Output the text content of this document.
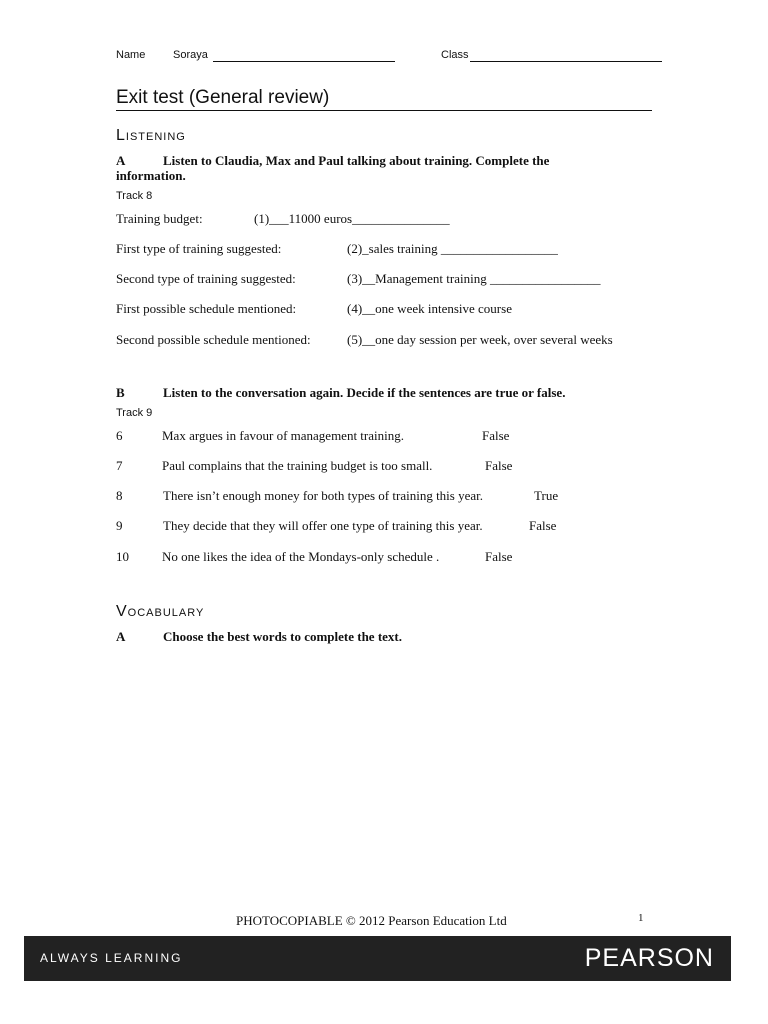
Name	Soraya	Class
Exit test (General review)
LISTENING
A	Listen to Claudia, Max and Paul talking about training. Complete the
information.
Track 8
Training budget:	(1)___11000 euros_______________
First type of training suggested:	(2)_sales training __________________
Second type of training suggested:	(3)__Management training _________________
First possible schedule mentioned:	(4)__one week intensive course
Second possible schedule mentioned:	(5)__one day session per week, over several weeks
B	Listen to the conversation again. Decide if the sentences are true or false.
Track 9
6	Max argues in favour of management training.	False
7	Paul complains that the training budget is too small.	False
8	There isn’t enough money for both types of training this year.	True
9	They decide that they will offer one type of training this year.	False
10	No one likes the idea of the Mondays-only schedule .	False
VOCABULARY
A	Choose the best words to complete the text.
PHOTOCOPIABLE © 2012 Pearson Education Ltd	1
ALWAYS LEARNING	PEARSON
